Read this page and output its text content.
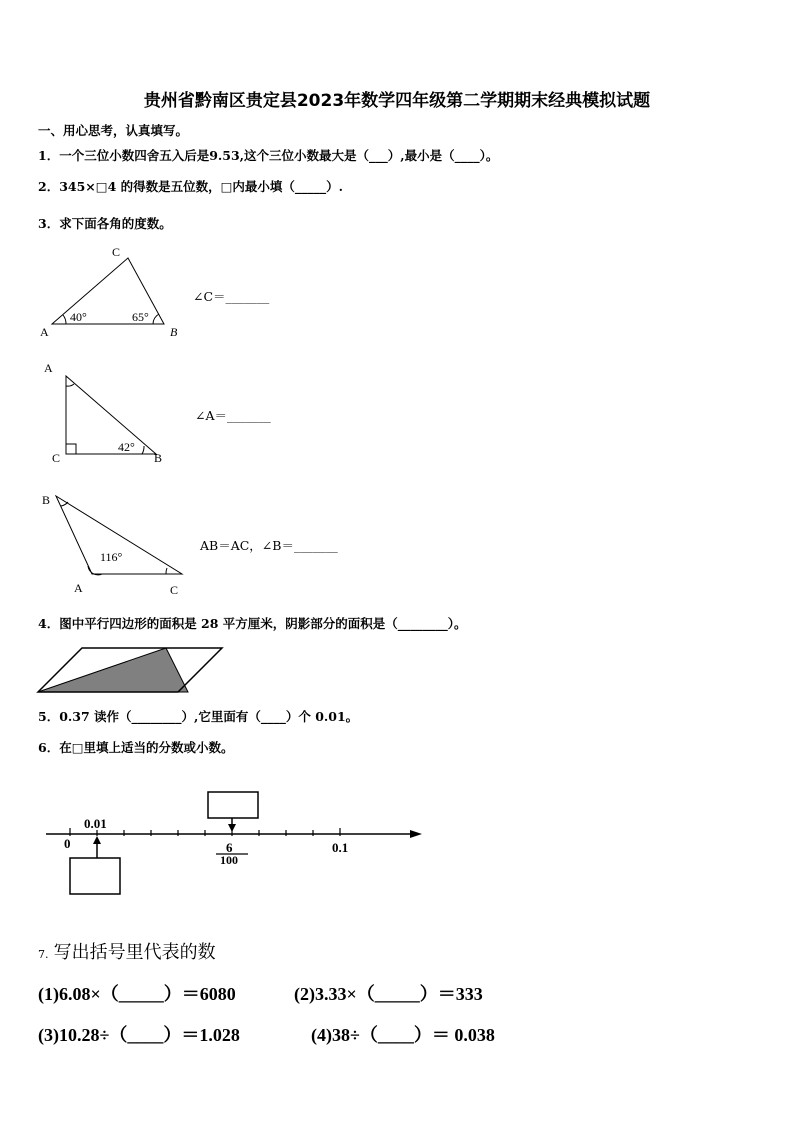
贵州省黔南区贵定县2023年数学四年级第二学期期末经典模拟试题
一、用心思考，认真填写。
1．一个三位小数四舍五入后是9.53,这个三位小数最大是（___）,最小是（____）。
2．345×□4 的得数是五位数，□内最小填（_____）.
3．求下面各角的度数。
A
C
B
40°	65°
∠C＝_______
A
C	B
42°
∠A＝_______
B
A	C
116°
AB＝AC，∠B＝_______
4．图中平行四边形的面积是 28 平方厘米，阴影部分的面积是（________）。
5．0.37 读作（________）,它里面有（____）个 0.01。
6．在□里填上适当的分数或小数。
0
0.01
6
100
0.1
7. 写出括号里代表的数
(1)6.08×（_____）＝6080	(2)3.33×（_____）＝333
(3)10.28÷（____）＝1.028	(4)38÷（____）＝ 0.038
